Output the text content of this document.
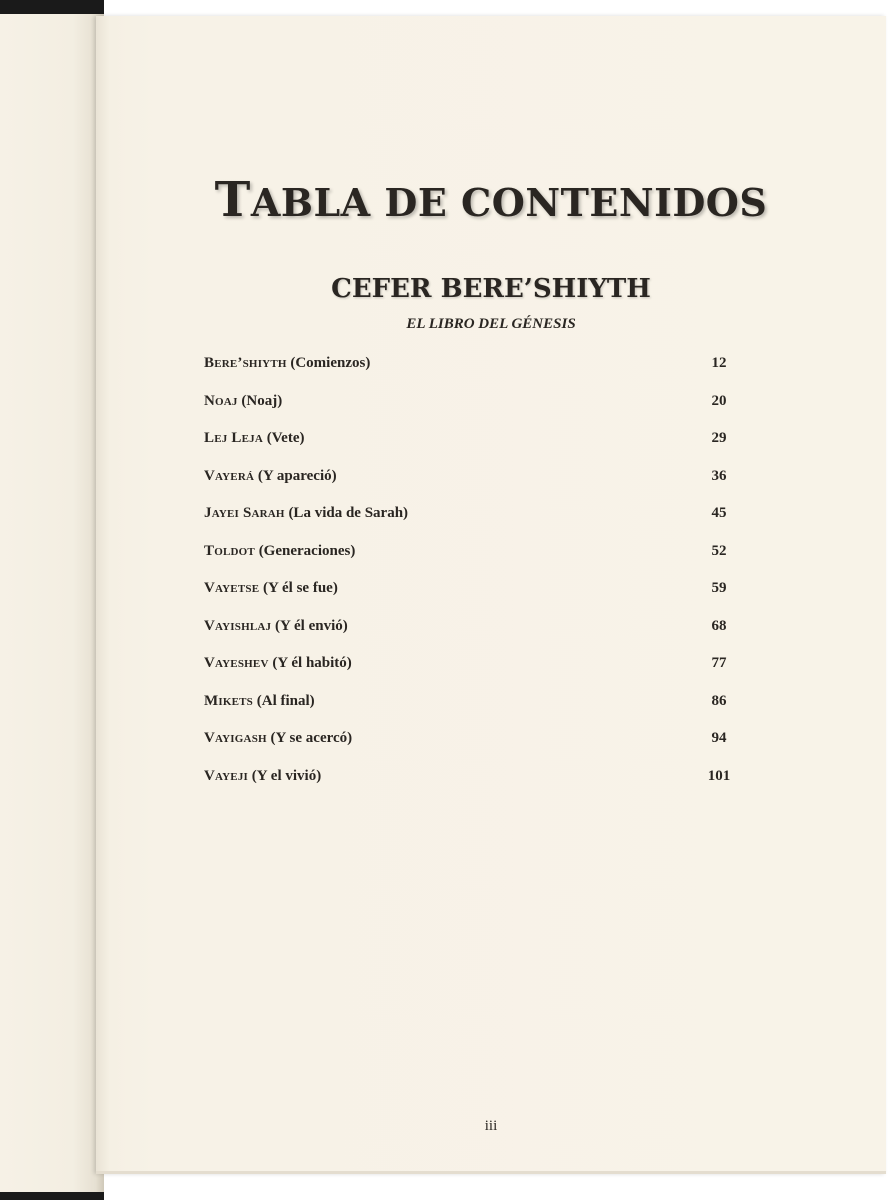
TABLA DE CONTENIDOS
CEFER BERE’SHIYTH

EL LIBRO DEL GÉNESIS

Bere’shiyth (Comienzos)	12
Noaj (Noaj)	20
Lej Leja (Vete)	29
Vayerá (Y apareció)	36
Jayei Sarah (La vida de Sarah)	45
Toldot (Generaciones)	52
Vayetse (Y él se fue)	59
Vayishlaj (Y él envió)	68
Vayeshev (Y él habitó)	77
Mikets (Al final)	86
Vayigash (Y se acercó)	94
Vayeji (Y el vivió)	101
iii
